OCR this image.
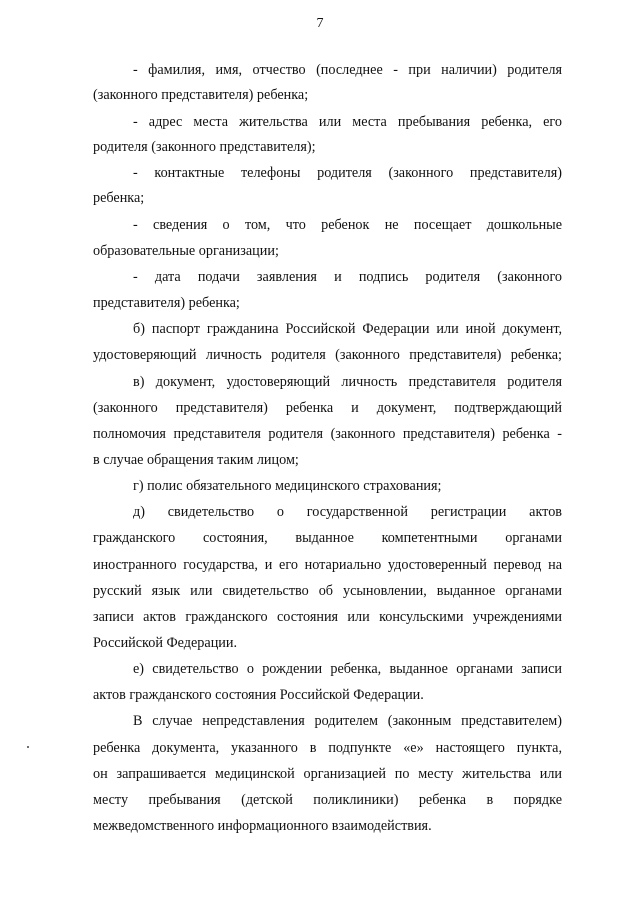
7
- фамилия, имя, отчество (последнее - при наличии) родителя
(законного представителя) ребенка;
- адрес места жительства или места пребывания ребенка, его
родителя (законного представителя);
- контактные телефоны родителя (законного представителя)
ребенка;
- сведения о том, что ребенок не посещает дошкольные
образовательные организации;
- дата подачи заявления и подпись родителя (законного
представителя) ребенка;
б) паспорт гражданина Российской Федерации или иной документ,
удостоверяющий личность родителя (законного представителя) ребенка;
в) документ, удостоверяющий личность представителя родителя
(законного представителя) ребенка и документ, подтверждающий
полномочия представителя родителя (законного представителя) ребенка -
в случае обращения таким лицом;
г) полис обязательного медицинского страхования;
д) свидетельство о государственной регистрации актов
гражданского состояния, выданное компетентными органами
иностранного государства, и его нотариально удостоверенный перевод на
русский язык или свидетельство об усыновлении, выданное органами
записи актов гражданского состояния или консульскими учреждениями
Российской Федерации.
е) свидетельство о рождении ребенка, выданное органами записи
актов гражданского состояния Российской Федерации.
В случае непредставления родителем (законным представителем)
ребенка документа, указанного в подпункте «е» настоящего пункта,
он запрашивается медицинской организацией по месту жительства или
месту пребывания (детской поликлиники) ребенка в порядке
межведомственного информационного взаимодействия.
